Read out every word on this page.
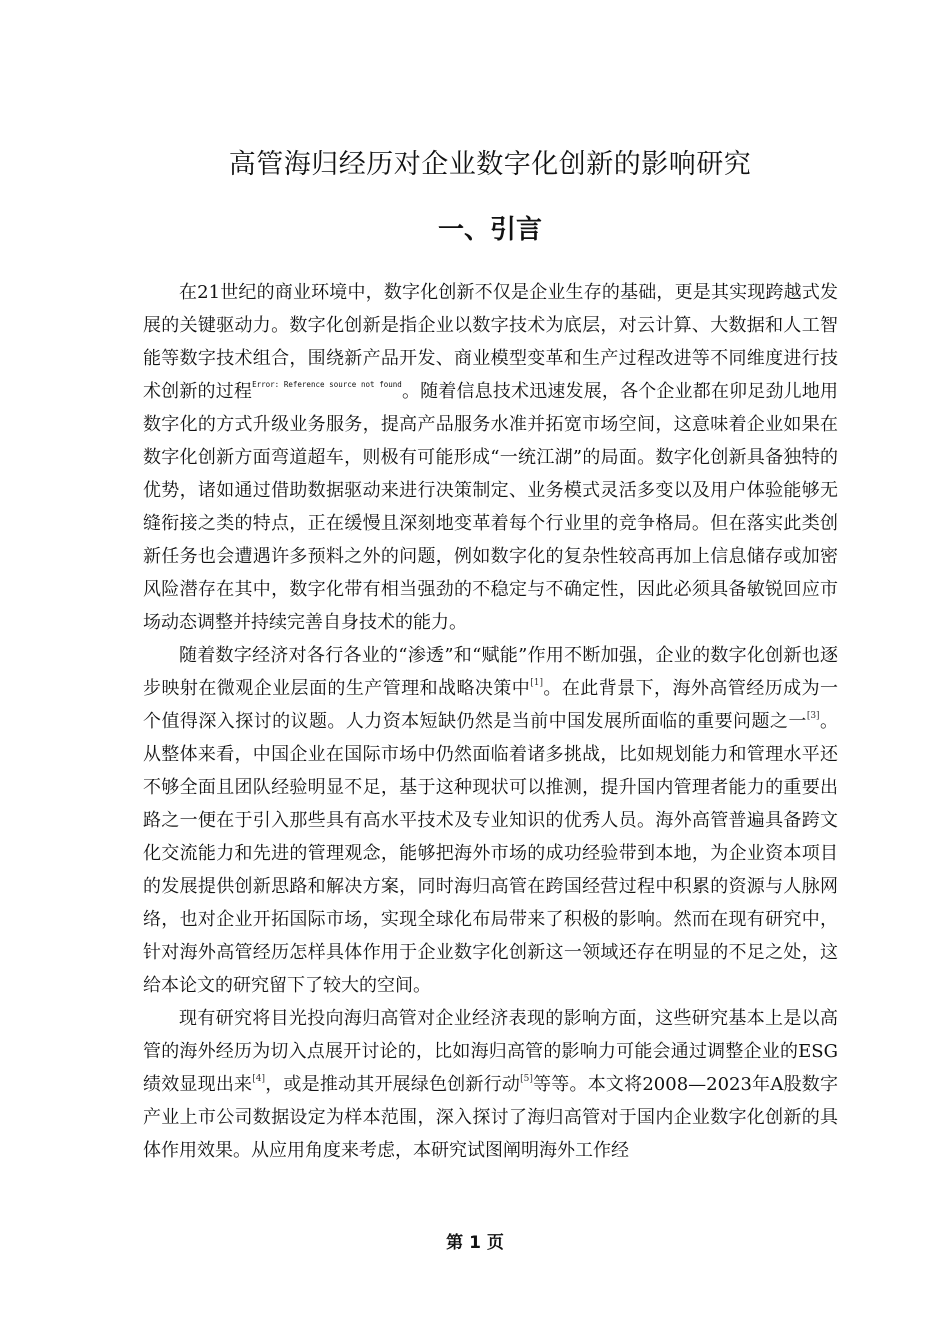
高管海归经历对企业数字化创新的影响研究
一、引言

在21世纪的商业环境中，数字化创新不仅是企业生存的基础，更是其实现跨越式发展的关键驱动力。数字化创新是指企业以数字技术为底层，对云计算、大数据和人工智能等数字技术组合，围绕新产品开发、商业模型变革和生产过程改进等不同维度进行技术创新的过程$^{Error: Reference source not found}$。随着信息技术迅速发展，各个企业都在卯足劲儿地用数字化的方式升级业务服务，提高产品服务水准并拓宽市场空间，这意味着企业如果在数字化创新方面弯道超车，则极有可能形成“一统江湖”的局面。数字化创新具备独特的优势，诸如通过借助数据驱动来进行决策制定、业务模式灵活多变以及用户体验能够无缝衔接之类的特点，正在缓慢且深刻地变革着每个行业里的竞争格局。但在落实此类创新任务也会遭遇许多预料之外的问题，例如数字化的复杂性较高再加上信息储存或加密风险潜存在其中，数字化带有相当强劲的不稳定与不确定性，因此必须具备敏锐回应市场动态调整并持续完善自身技术的能力。

随着数字经济对各行各业的“渗透”和“赋能”作用不断加强，企业的数字化创新也逐步映射在微观企业层面的生产管理和战略决策中[1]。在此背景下，海外高管经历成为一个值得深入探讨的议题。人力资本短缺仍然是当前中国发展所面临的重要问题之一[3]。从整体来看，中国企业在国际市场中仍然面临着诸多挑战，比如规划能力和管理水平还不够全面且团队经验明显不足，基于这种现状可以推测，提升国内管理者能力的重要出路之一便在于引入那些具有高水平技术及专业知识的优秀人员。海外高管普遍具备跨文化交流能力和先进的管理观念，能够把海外市场的成功经验带到本地，为企业资本项目的发展提供创新思路和解决方案，同时海归高管在跨国经营过程中积累的资源与人脉网络，也对企业开拓国际市场，实现全球化布局带来了积极的影响。然而在现有研究中，针对海外高管经历怎样具体作用于企业数字化创新这一领域还存在明显的不足之处，这给本论文的研究留下了较大的空间。

现有研究将目光投向海归高管对企业经济表现的影响方面，这些研究基本上是以高管的海外经历为切入点展开讨论的，比如海归高管的影响力可能会通过调整企业的ESG绩效显现出来[4]，或是推动其开展绿色创新行动[5]等等。本文将2008—2023年A股数字产业上市公司数据设定为样本范围，深入探讨了海归高管对于国内企业数字化创新的具体作用效果。从应用角度来考虑，本研究试图阐明海外工作经

第 1 页
